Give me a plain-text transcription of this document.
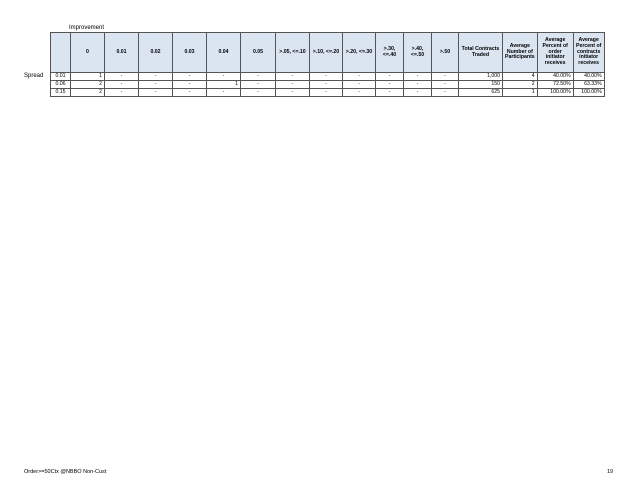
Improvement
Spread
	0	0.01	0.02	0.03	0.04	0.05	>.05, <=.10	>.10, <=.20	>.20, <=.30	>.30, <=.40	>.40, <=.50	>.50	Total Contracts Traded	Average Number of Participants	Average Percent of order initiator receives	Average Percent of contracts initiator receives
0.01	1	-	-	-	-	-	-	-	-	-	-	-	1,000	4	40.00%	40.00%
0.06	2	-	-	-	1	-	-	-	-	-	-	-	150	2	72.50%	63.33%
0.15	2	-	-	-	-	-	-	-	-	-	-	-	625	1	100.00%	100.00%
Order>=50Ctx @NBBO Non-Cust	19
